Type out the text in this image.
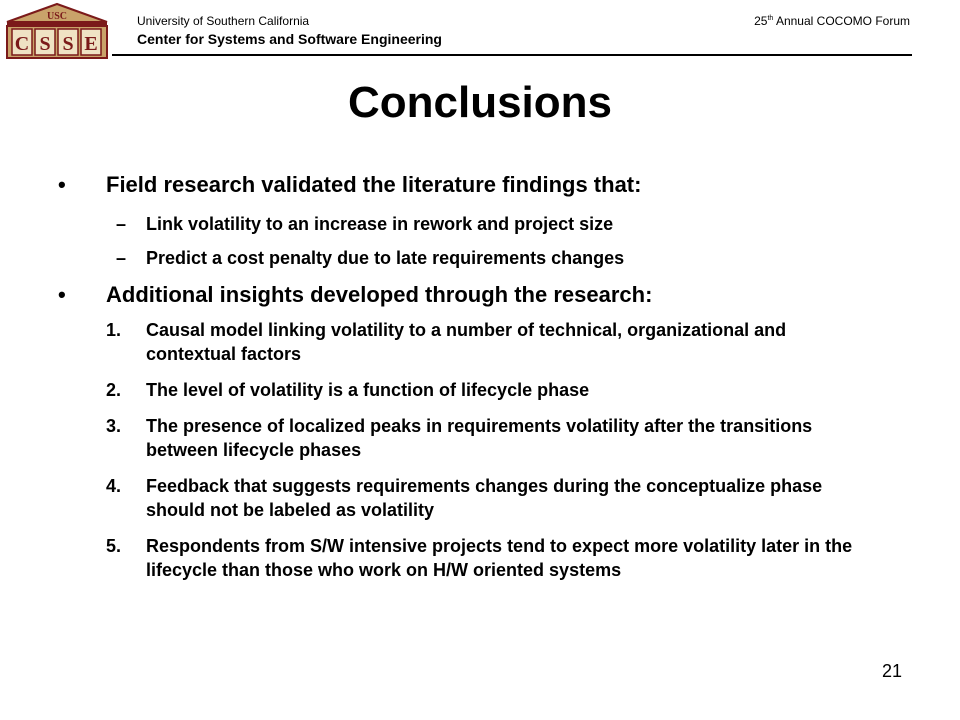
USC
C S S E
University of Southern California
Center for Systems and Software Engineering
25th Annual COCOMO Forum
Conclusions
• Field research validated the literature findings that:
– Link volatility to an increase in rework and project size
– Predict a cost penalty due to late requirements changes
• Additional insights developed through the research:
1. Causal model linking volatility to a number of technical, organizational and contextual factors
2. The level of volatility is a function of lifecycle phase
3. The presence of localized peaks in requirements volatility after the transitions between lifecycle phases
4. Feedback that suggests requirements changes during the conceptualize phase should not be labeled as volatility
5. Respondents from S/W intensive projects tend to expect more volatility later in the lifecycle than those who work on H/W oriented systems
21
